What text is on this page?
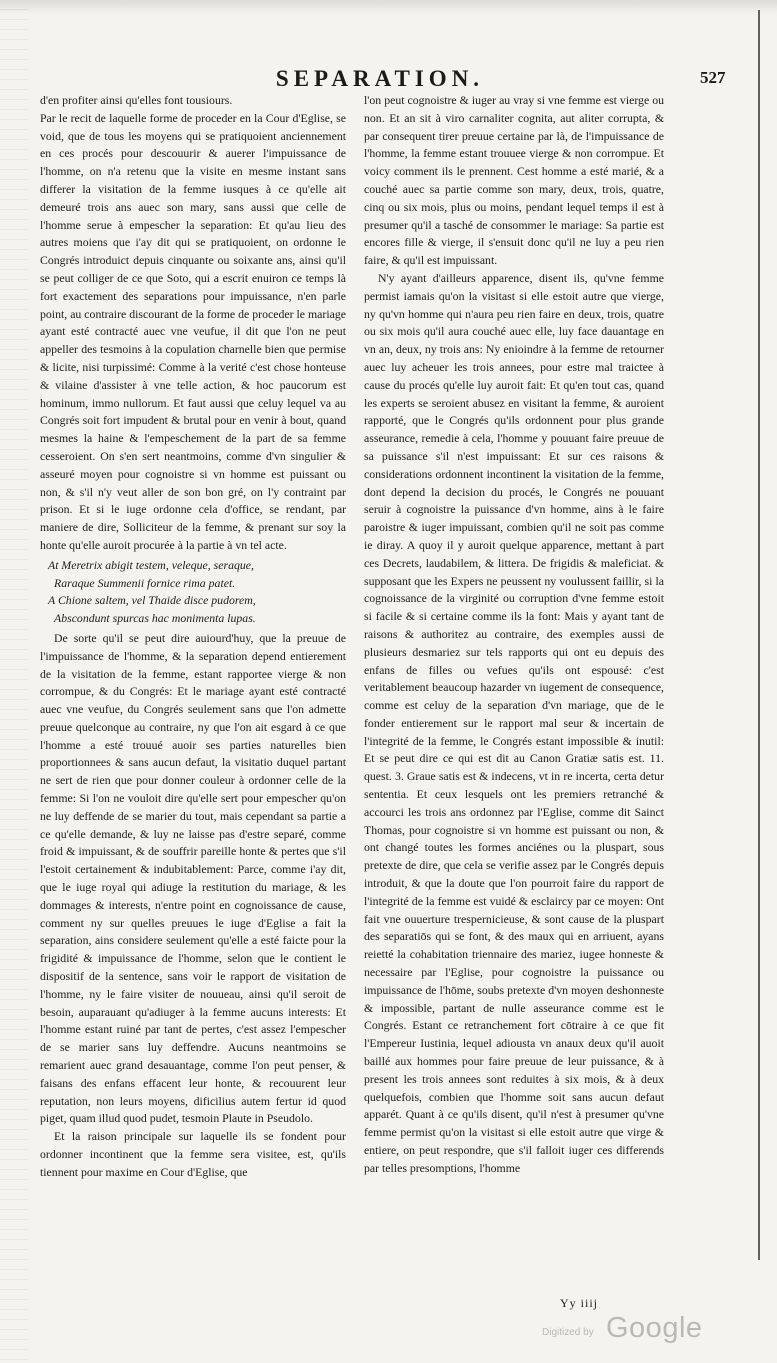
SEPARATION.	527

d'en profiter ainsi qu'elles font tousiours.

Par le recit de laquelle forme de proceder en la Cour d'Eglise, se void, que de tous les moyens qui se pratiquoient anciennement en ces procés pour descouurir & auerer l'impuissance de l'homme, on n'a retenu que la visite en mesme instant sans differer la visitation de la femme iusques à ce qu'elle ait demeuré trois ans auec son mary, sans aussi que celle de l'homme serue à empescher la separation: Et qu'au lieu des autres moiens que i'ay dit qui se pratiquoient, on ordonne le Congrés introduict depuis cinquante ou soixante ans, ainsi qu'il se peut colliger de ce que Soto, qui a escrit enuiron ce temps là fort exactement des separations pour impuissance, n'en parle point, au contraire discourant de la forme de proceder le mariage ayant esté contracté auec vne veufue, il dit que l'on ne peut appeller des tesmoins à la copulation charnelle bien que permise & licite, nisi turpissimé: Comme à la verité c'est chose honteuse & vilaine d'assister à vne telle action, & hoc paucorum est hominum, immo nullorum. Et faut aussi que celuy lequel va au Congrés soit fort impudent & brutal pour en venir à bout, quand mesmes la haine & l'empeschement de la part de sa femme cesseroient. On s'en sert neantmoins, comme d'vn singulier & asseuré moyen pour cognoistre si vn homme est puissant ou non, & s'il n'y veut aller de son bon gré, on l'y contraint par prison. Et si le iuge ordonne cela d'office, se rendant, par maniere de dire, Solliciteur de la femme, & prenant sur soy la honte qu'elle auroit procurée à la partie à vn tel acte.

At Meretrix abigit testem, veleque, seraque,
Raraque Summenii fornice rima patet.
A Chione saltem, vel Thaide disce pudorem,
Abscondunt spurcas hac monimenta lupas.

De sorte qu'il se peut dire auiourd'huy, que la preuue de l'impuissance de l'homme, & la separation depend entierement de la visitation de la femme, estant rapportee vierge & non corrompue, & du Congrés: Et le mariage ayant esté contracté auec vne veufue, du Congrés seulement sans que l'on admette preuue quelconque au contraire, ny que l'on ait esgard à ce que l'homme a esté trouué auoir ses parties naturelles bien proportionnees & sans aucun defaut, la visitatio duquel partant ne sert de rien que pour donner couleur à ordonner celle de la femme: Si l'on ne vouloit dire qu'elle sert pour empescher qu'on ne luy deffende de se marier du tout, mais cependant sa partie a ce qu'elle demande, & luy ne laisse pas d'estre separé, comme froid & impuissant, & de souffrir pareille honte & pertes que s'il l'estoit certainement & indubitablement: Parce, comme i'ay dit, que le iuge royal qui adiuge la restitution du mariage, & les dommages & interests, n'entre point en cognoissance de cause, comment ny sur quelles preuues le iuge d'Eglise a fait la separation, ains considere seulement qu'elle a esté faicte pour la frigidité & impuissance de l'homme, selon que le contient le dispositif de la sentence, sans voir le rapport de visitation de l'homme, ny le faire visiter de nouueau, ainsi qu'il seroit de besoin, auparauant qu'adiuger à la femme aucuns interests: Et l'homme estant ruiné par tant de pertes, c'est assez l'empescher de se marier sans luy deffendre. Aucuns neantmoins se remarient auec grand desauantage, comme l'on peut penser, & faisans des enfans effacent leur honte, & recouurent leur reputation, non leurs moyens, dificilius autem fertur id quod piget, quam illud quod pudet, tesmoin Plaute in Pseudolo.

Et la raison principale sur laquelle ils se fondent pour ordonner incontinent que la femme sera visitee, est, qu'ils tiennent pour maxime en Cour d'Eglise, que

l'on peut cognoistre & iuger au vray si vne femme est vierge ou non. Et an sit à viro carnaliter cognita, aut aliter corrupta, & par consequent tirer preuue certaine par là, de l'impuissance de l'homme, la femme estant trouuee vierge & non corrompue. Et voicy comment ils le prennent. Cest homme a esté marié, & a couché auec sa partie comme son mary, deux, trois, quatre, cinq ou six mois, plus ou moins, pendant lequel temps il est à presumer qu'il a tasché de consommer le mariage: Sa partie est encores fille & vierge, il s'ensuit donc qu'il ne luy a peu rien faire, & qu'il est impuissant.

N'y ayant d'ailleurs apparence, disent ils, qu'vne femme permist iamais qu'on la visitast si elle estoit autre que vierge, ny qu'vn homme qui n'aura peu rien faire en deux, trois, quatre ou six mois qu'il aura couché auec elle, luy face dauantage en vn an, deux, ny trois ans: Ny enioindre à la femme de retourner auec luy acheuer les trois annees, pour estre mal traictee à cause du procés qu'elle luy auroit fait: Et qu'en tout cas, quand les experts se seroient abusez en visitant la femme, & auroient rapporté, que le Congrés qu'ils ordonnent pour plus grande asseurance, remedie à cela, l'homme y pouuant faire preuue de sa puissance s'il n'est impuissant: Et sur ces raisons & considerations ordonnent incontinent la visitation de la femme, dont depend la decision du procés, le Congrés ne pouuant seruir à cognoistre la puissance d'vn homme, ains à le faire paroistre & iuger impuissant, combien qu'il ne soit pas comme ie diray. A quoy il y auroit quelque apparence, mettant à part ces Decrets, laudabilem, & littera. De frigidis & maleficiat. & supposant que les Expers ne peussent ny voulussent faillir, si la cognoissance de la virginité ou corruption d'vne femme estoit si facile & si certaine comme ils la font: Mais y ayant tant de raisons & authoritez au contraire, des exemples aussi de plusieurs desmariez sur tels rapports qui ont eu depuis des enfans de filles ou vefues qu'ils ont espousé: c'est veritablement beaucoup hazarder vn iugement de consequence, comme est celuy de la separation d'vn mariage, que de le fonder entierement sur le rapport mal seur & incertain de l'integrité de la femme, le Congrés estant impossible & inutil: Et se peut dire ce qui est dit au Canon Gratiæ satis est. 11. quest. 3. Graue satis est & indecens, vt in re incerta, certa detur sententia. Et ceux lesquels ont les premiers retranché & accourci les trois ans ordonnez par l'Eglise, comme dit Sainct Thomas, pour cognoistre si vn homme est puissant ou non, & ont changé toutes les formes anciénes ou la pluspart, sous pretexte de dire, que cela se verifie assez par le Congrés depuis introduit, & que la doute que l'on pourroit faire du rapport de l'integrité de la femme est vuidé & esclaircy par ce moyen: Ont fait vne ouuerture trespernicieuse, & sont cause de la pluspart des separatiōs qui se font, & des maux qui en arriuent, ayans reietté la cohabitation triennaire des mariez, iugee honneste & necessaire par l'Eglise, pour cognoistre la puissance ou impuissance de l'hōme, soubs pretexte d'vn moyen deshonneste & impossible, partant de nulle asseurance comme est le Congrés. Estant ce retranchement fort cōtraire à ce que fit l'Empereur Iustinia, lequel adiousta vn anaux deux qu'il auoit baillé aux hommes pour faire preuue de leur puissance, & à present les trois annees sont reduites à six mois, & à deux quelquefois, combien que l'homme soit sans aucun defaut apparét. Quant à ce qu'ils disent, qu'il n'est à presumer qu'vne femme permist qu'on la visitast si elle estoit autre que virge & entiere, on peut respondre, que s'il falloit iuger ces differends par telles presomptions, l'homme

Yy iiij
Digitized by Google
